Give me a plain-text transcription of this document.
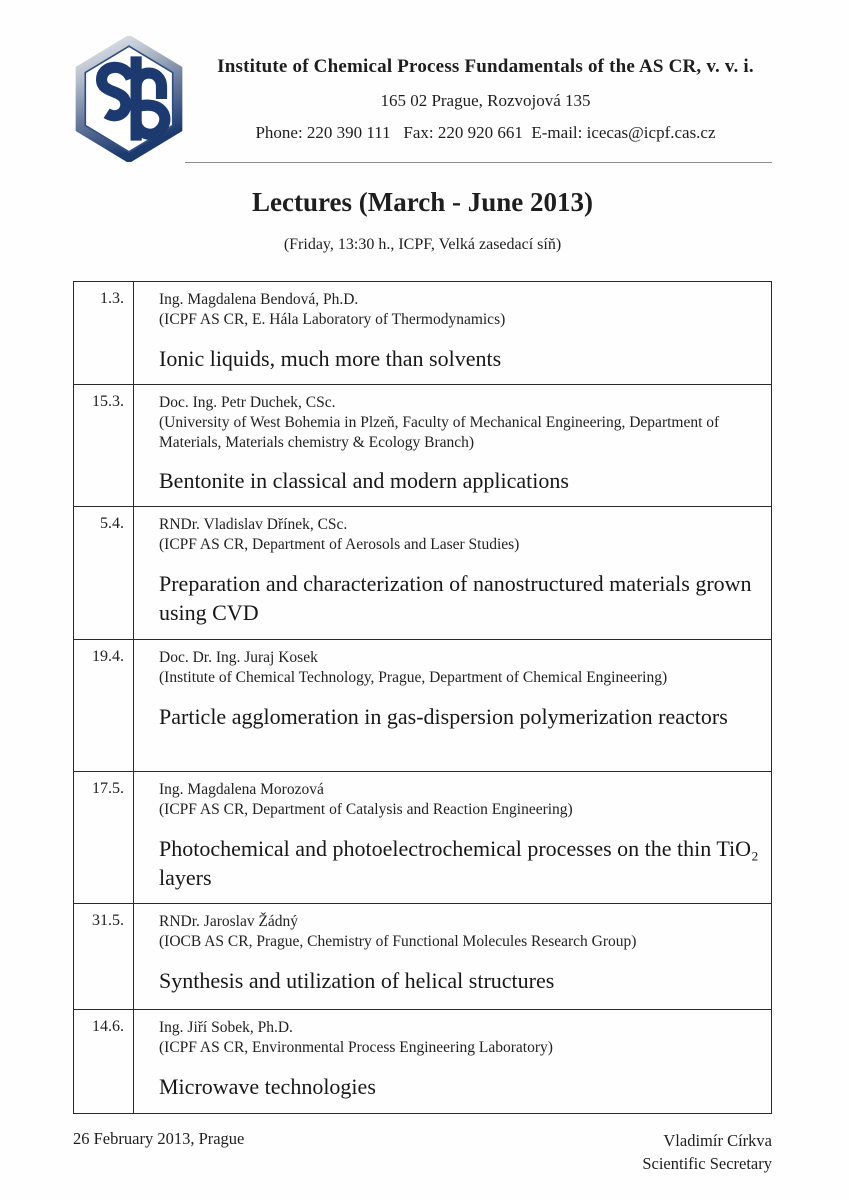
Institute of Chemical Process Fundamentals of the AS CR, v. v. i.
165 02 Prague, Rozvojová 135
Phone: 220 390 111   Fax: 220 920 661  E-mail: icecas@icpf.cas.cz
Lectures (March - June 2013)
(Friday, 13:30 h., ICPF, Velká zasedací síň)
1.3.	Ing. Magdalena Bendová, Ph.D.
(ICPF AS CR, E. Hála Laboratory of Thermodynamics)
Ionic liquids, much more than solvents
15.3.	Doc. Ing. Petr Duchek, CSc.
(University of West Bohemia in Plzeň, Faculty of Mechanical Engineering, Department of Materials, Materials chemistry & Ecology Branch)
Bentonite in classical and modern applications
5.4.	RNDr. Vladislav Dřínek, CSc.
(ICPF AS CR, Department of Aerosols and Laser Studies)
Preparation and characterization of nanostructured materials grown using CVD
19.4.	Doc. Dr. Ing. Juraj Kosek
(Institute of Chemical Technology, Prague, Department of Chemical Engineering)
Particle agglomeration in gas-dispersion polymerization reactors
17.5.	Ing. Magdalena Morozová
(ICPF AS CR, Department of Catalysis and Reaction Engineering)
Photochemical and photoelectrochemical processes on the thin TiO₂ layers
31.5.	RNDr. Jaroslav Žádný
(IOCB AS CR, Prague, Chemistry of Functional Molecules Research Group)
Synthesis and utilization of helical structures
14.6.	Ing. Jiří Sobek, Ph.D.
(ICPF AS CR, Environmental Process Engineering Laboratory)
Microwave technologies
26 February 2013, Prague	Vladimír Církva
Scientific Secretary
